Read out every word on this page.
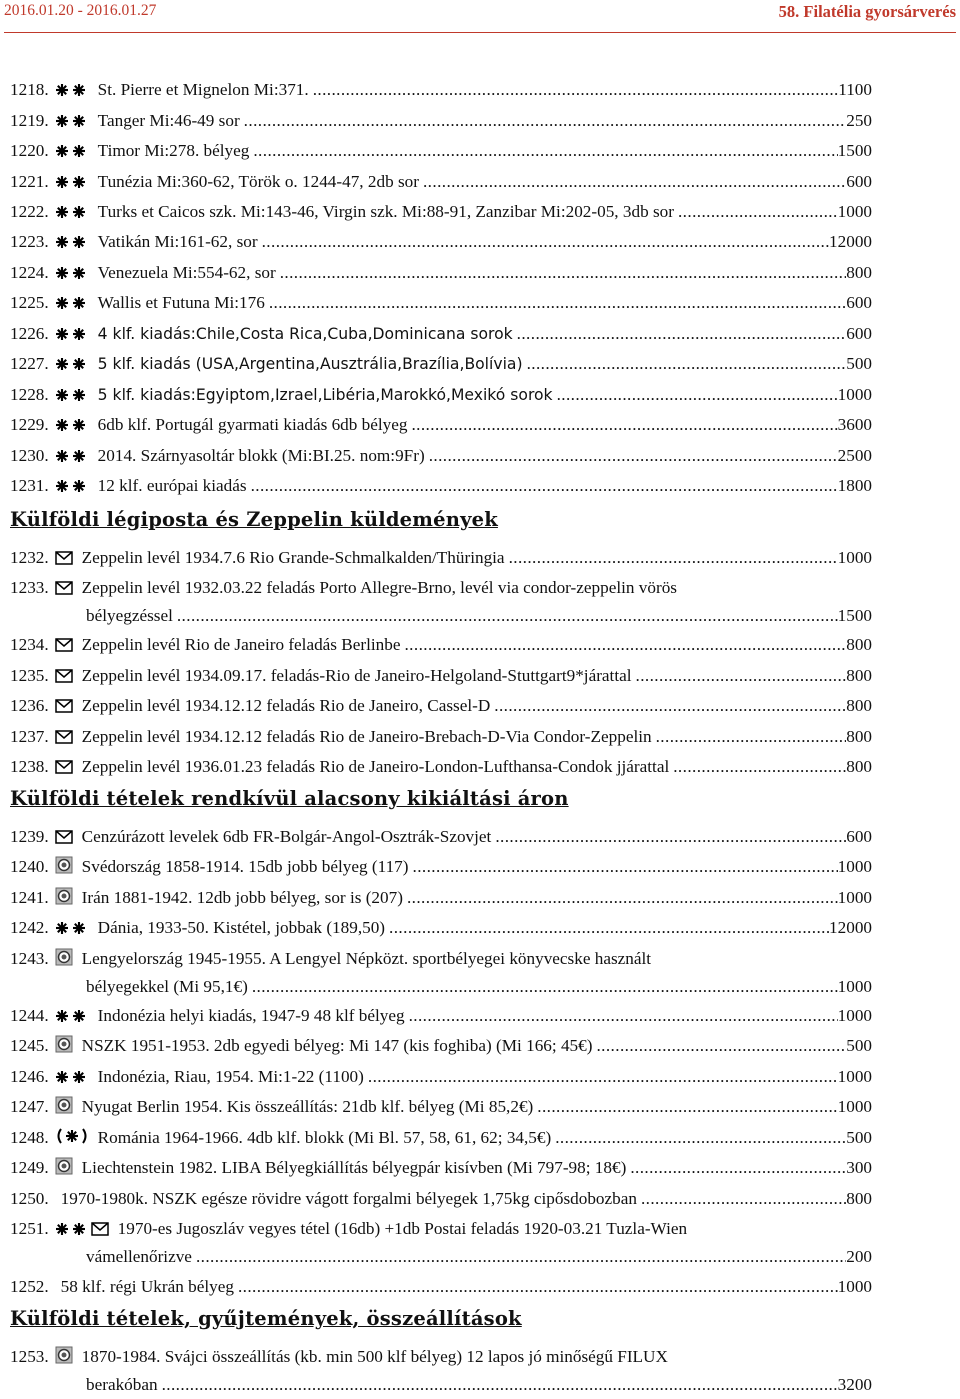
2016.01.20 - 2016.01.27	58. Filatélia gyorsárverés
1218.	St. Pierre et Mignelon Mi:371. .....	1100
1219.	Tanger Mi:46-49 sor .....	250
1220.	Timor Mi:278. bélyeg .....	1500
1221.	Tunézia Mi:360-62, Török o. 1244-47, 2db sor .....	600
1222.	Turks et Caicos szk. Mi:143-46, Virgin szk. Mi:88-91, Zanzibar Mi:202-05, 3db sor .....	1000
1223.	Vatikán Mi:161-62, sor .....	12000
1224.	Venezuela Mi:554-62, sor .....	800
1225.	Wallis et Futuna Mi:176 .....	600
1226.	4 klf. kiadás:Chile,Costa Rica,Cuba,Dominicana sorok .....	600
1227.	5 klf. kiadás (USA,Argentina,Ausztrália,Brazília,Bolívia) .....	500
1228.	5 klf. kiadás:Egyiptom,Izrael,Libéria,Marokkó,Mexikó sorok .....	1000
1229.	6db klf. Portugál gyarmati kiadás 6db bélyeg .....	3600
1230.	2014. Szárnyasoltár blokk (Mi:BI.25. nom:9Fr) .....	2500
1231.	12 klf. európai kiadás .....	1800
Külföldi légiposta és Zeppelin küldemények
1232. Zeppelin levél 1934.7.6 Rio Grande-Schmalkalden/Thüringia .....	1000
1233. Zeppelin levél 1932.03.22 feladás Porto Allegre-Brno, levél via condor-zeppelin vörös
bélyegzéssel .....	1500
1234. Zeppelin levél Rio de Janeiro feladás Berlinbe .....	800
1235. Zeppelin levél 1934.09.17. feladás-Rio de Janeiro-Helgoland-Stuttgart9*járattal .....	800
1236. Zeppelin levél 1934.12.12 feladás Rio de Janeiro, Cassel-D .....	800
1237. Zeppelin levél 1934.12.12 feladás Rio de Janeiro-Brebach-D-Via Condor-Zeppelin .....	800
1238. Zeppelin levél 1936.01.23 feladás Rio de Janeiro-London-Lufthansa-Condok jjárattal .....	800
Külföldi tételek rendkívül alacsony kikiáltási áron
1239. Cenzúrázott levelek 6db FR-Bolgár-Angol-Osztrák-Szovjet .....	600
1240. Svédország 1858-1914. 15db jobb bélyeg (117) .....	1000
1241. Irán 1881-1942. 12db jobb bélyeg, sor is (207) .....	1000
1242.	Dánia, 1933-50. Kistétel, jobbak (189,50) .....	12000
1243. Lengyelország 1945-1955. A Lengyel Népközt. sportbélyegei könyvecske használt
bélyegekkel (Mi 95,1€) .....	1000
1244.	Indonézia helyi kiadás, 1947-9 48 klf bélyeg .....	1000
1245. NSZK 1951-1953. 2db egyedi bélyeg: Mi 147 (kis foghiba) (Mi 166; 45€) .....	500
1246.	Indonézia, Riau, 1954. Mi:1-22 (1100) .....	1000
1247. Nyugat Berlin 1954. Kis összeállítás: 21db klf. bélyeg (Mi 85,2€) .....	1000
1248.	Románia 1964-1966. 4db klf. blokk (Mi Bl. 57, 58, 61, 62; 34,5€) .....	500
1249. Liechtenstein 1982. LIBA Bélyegkiállítás bélyegpár kisívben (Mi 797-98; 18€) .....	300
1250. 1970-1980k. NSZK egésze rövidre vágott forgalmi bélyegek 1,75kg cipősdobozban .....	800
1251.	1970-es Jugoszláv vegyes tétel (16db) +1db Postai feladás 1920-03.21 Tuzla-Wien
vámellenőrizve .....	200
1252. 58 klf. régi Ukrán bélyeg .....	1000
Külföldi tételek, gyűjtemények, összeállítások
1253. 1870-1984. Svájci összeállítás (kb. min 500 klf bélyeg) 12 lapos jó minőségű FILUX
berakóban .....	3200
